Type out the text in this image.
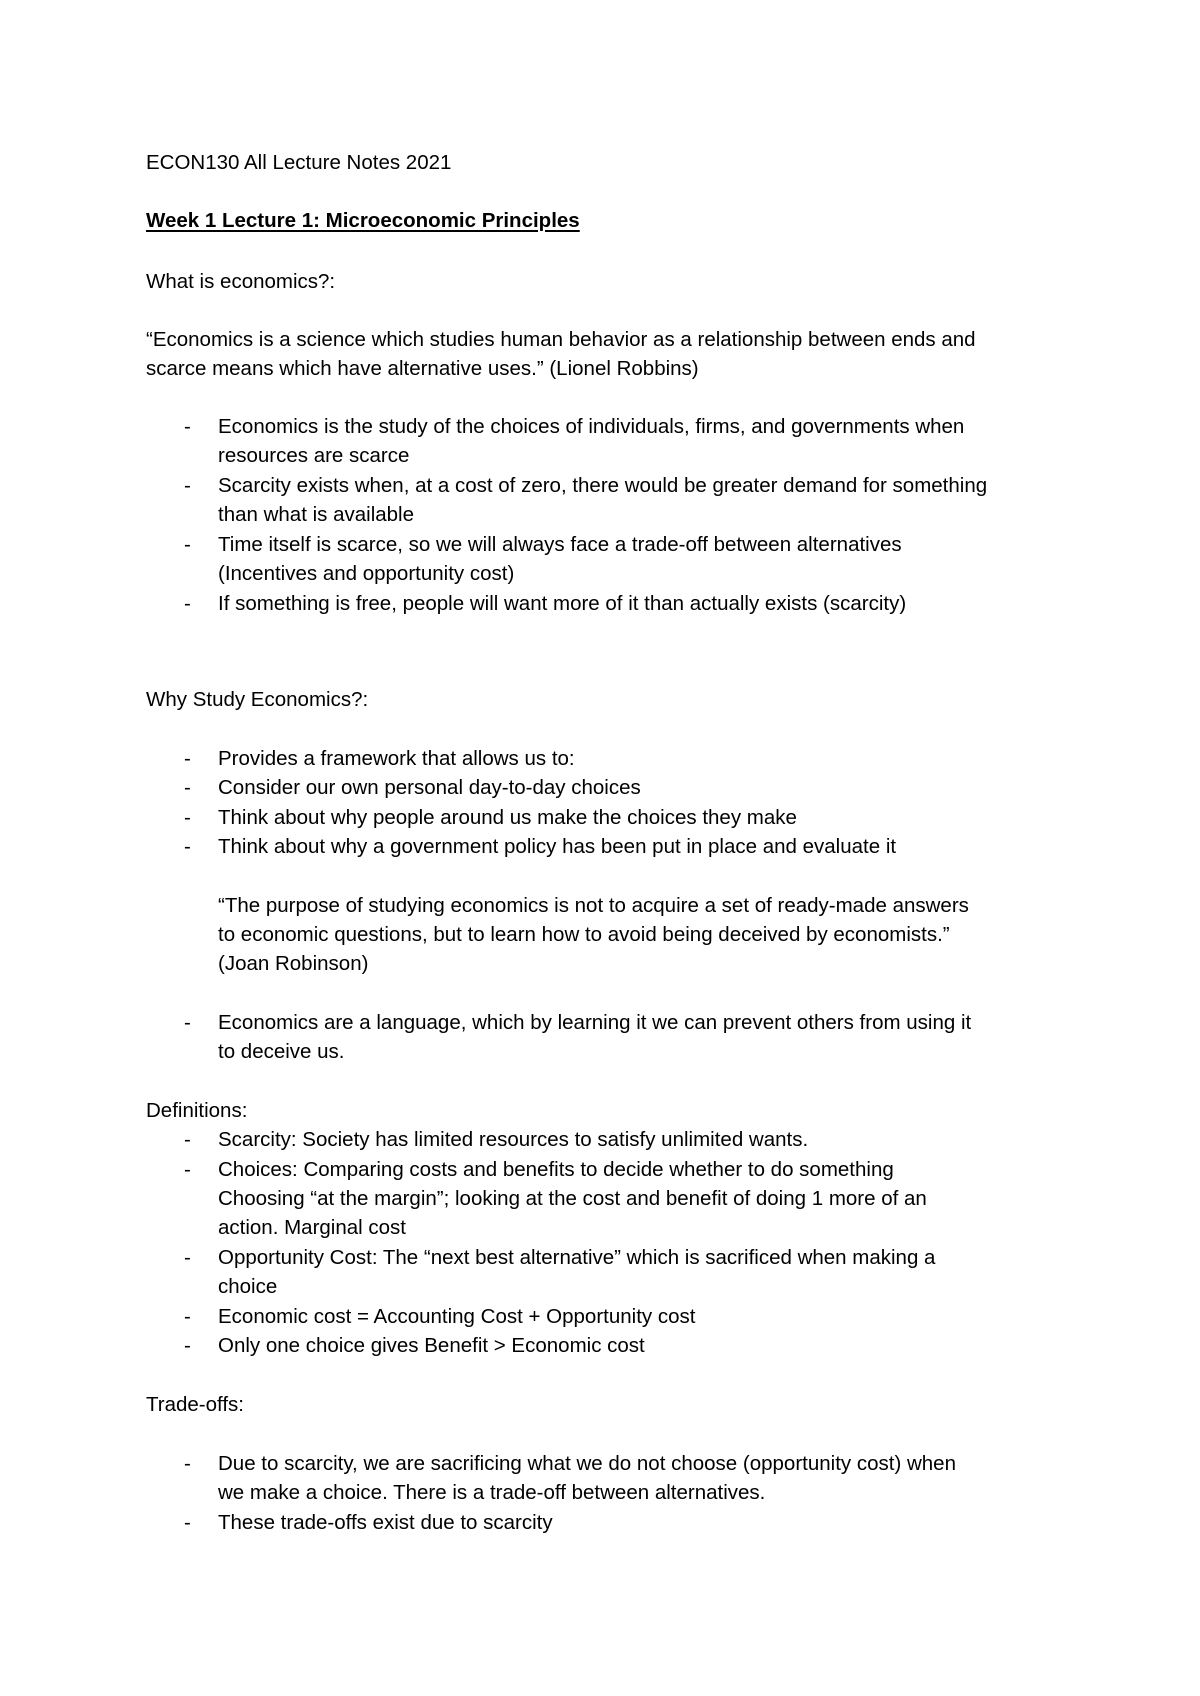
ECON130 All Lecture Notes 2021

Week 1 Lecture 1: Microeconomic Principles

What is economics?:

“Economics is a science which studies human behavior as a relationship between ends and

scarce means which have alternative uses.” (Lionel Robbins)

- Economics is the study of the choices of individuals, firms, and governments when

resources are scarce

- Scarcity exists when, at a cost of zero, there would be greater demand for something

than what is available

- Time itself is scarce, so we will always face a trade-off between alternatives

(Incentives and opportunity cost)

- If something is free, people will want more of it than actually exists (scarcity)

Why Study Economics?:

- Provides a framework that allows us to:

- Consider our own personal day-to-day choices

- Think about why people around us make the choices they make

- Think about why a government policy has been put in place and evaluate it

“The purpose of studying economics is not to acquire a set of ready-made answers

to economic questions, but to learn how to avoid being deceived by economists.”

(Joan Robinson)

- Economics are a language, which by learning it we can prevent others from using it

to deceive us.

Definitions:

- Scarcity: Society has limited resources to satisfy unlimited wants.

- Choices: Comparing costs and benefits to decide whether to do something

Choosing “at the margin”; looking at the cost and benefit of doing 1 more of an

action. Marginal cost

- Opportunity Cost: The “next best alternative” which is sacrificed when making a

choice

- Economic cost = Accounting Cost + Opportunity cost

- Only one choice gives Benefit > Economic cost

Trade-offs:

- Due to scarcity, we are sacrificing what we do not choose (opportunity cost) when

we make a choice. There is a trade-off between alternatives.

- These trade-offs exist due to scarcity
